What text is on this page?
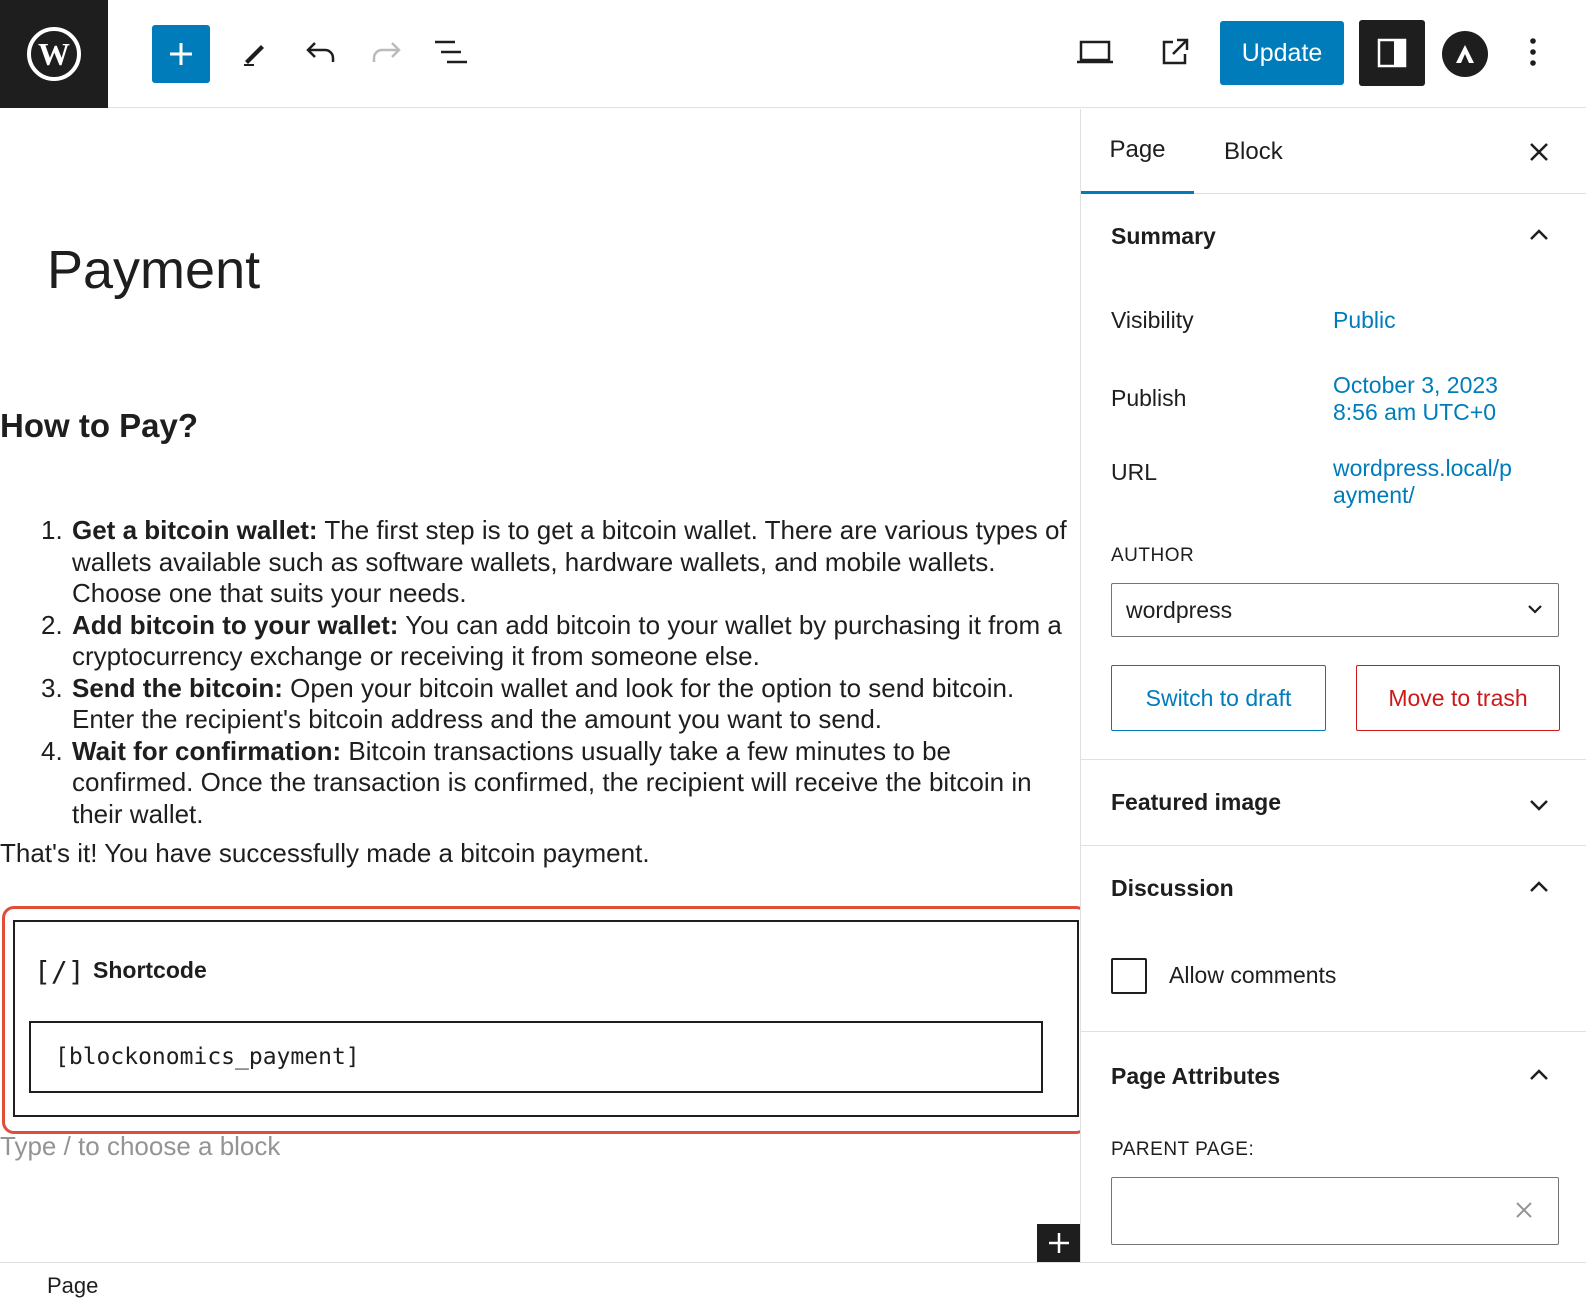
W	Update
Payment
How to Pay?
1. Get a bitcoin wallet: The first step is to get a bitcoin wallet. There are various types of wallets available such as software wallets, hardware wallets, and mobile wallets. Choose one that suits your needs.
2. Add bitcoin to your wallet: You can add bitcoin to your wallet by purchasing it from a cryptocurrency exchange or receiving it from someone else.
3. Send the bitcoin: Open your bitcoin wallet and look for the option to send bitcoin. Enter the recipient's bitcoin address and the amount you want to send.
4. Wait for confirmation: Bitcoin transactions usually take a few minutes to be confirmed. Once the transaction is confirmed, the recipient will receive the bitcoin in their wallet.

That's it! You have successfully made a bitcoin payment.

[/] Shortcode
[blockonomics_payment]

Type / to choose a block

Page	Block
Summary
Visibility	Public
Publish	October 3, 2023
8:56 am UTC+0
URL	wordpress.local/p
ayment/
AUTHOR
wordpress
Switch to draft	Move to trash
Featured image
Discussion
Allow comments
Page Attributes
PARENT PAGE:
Page
